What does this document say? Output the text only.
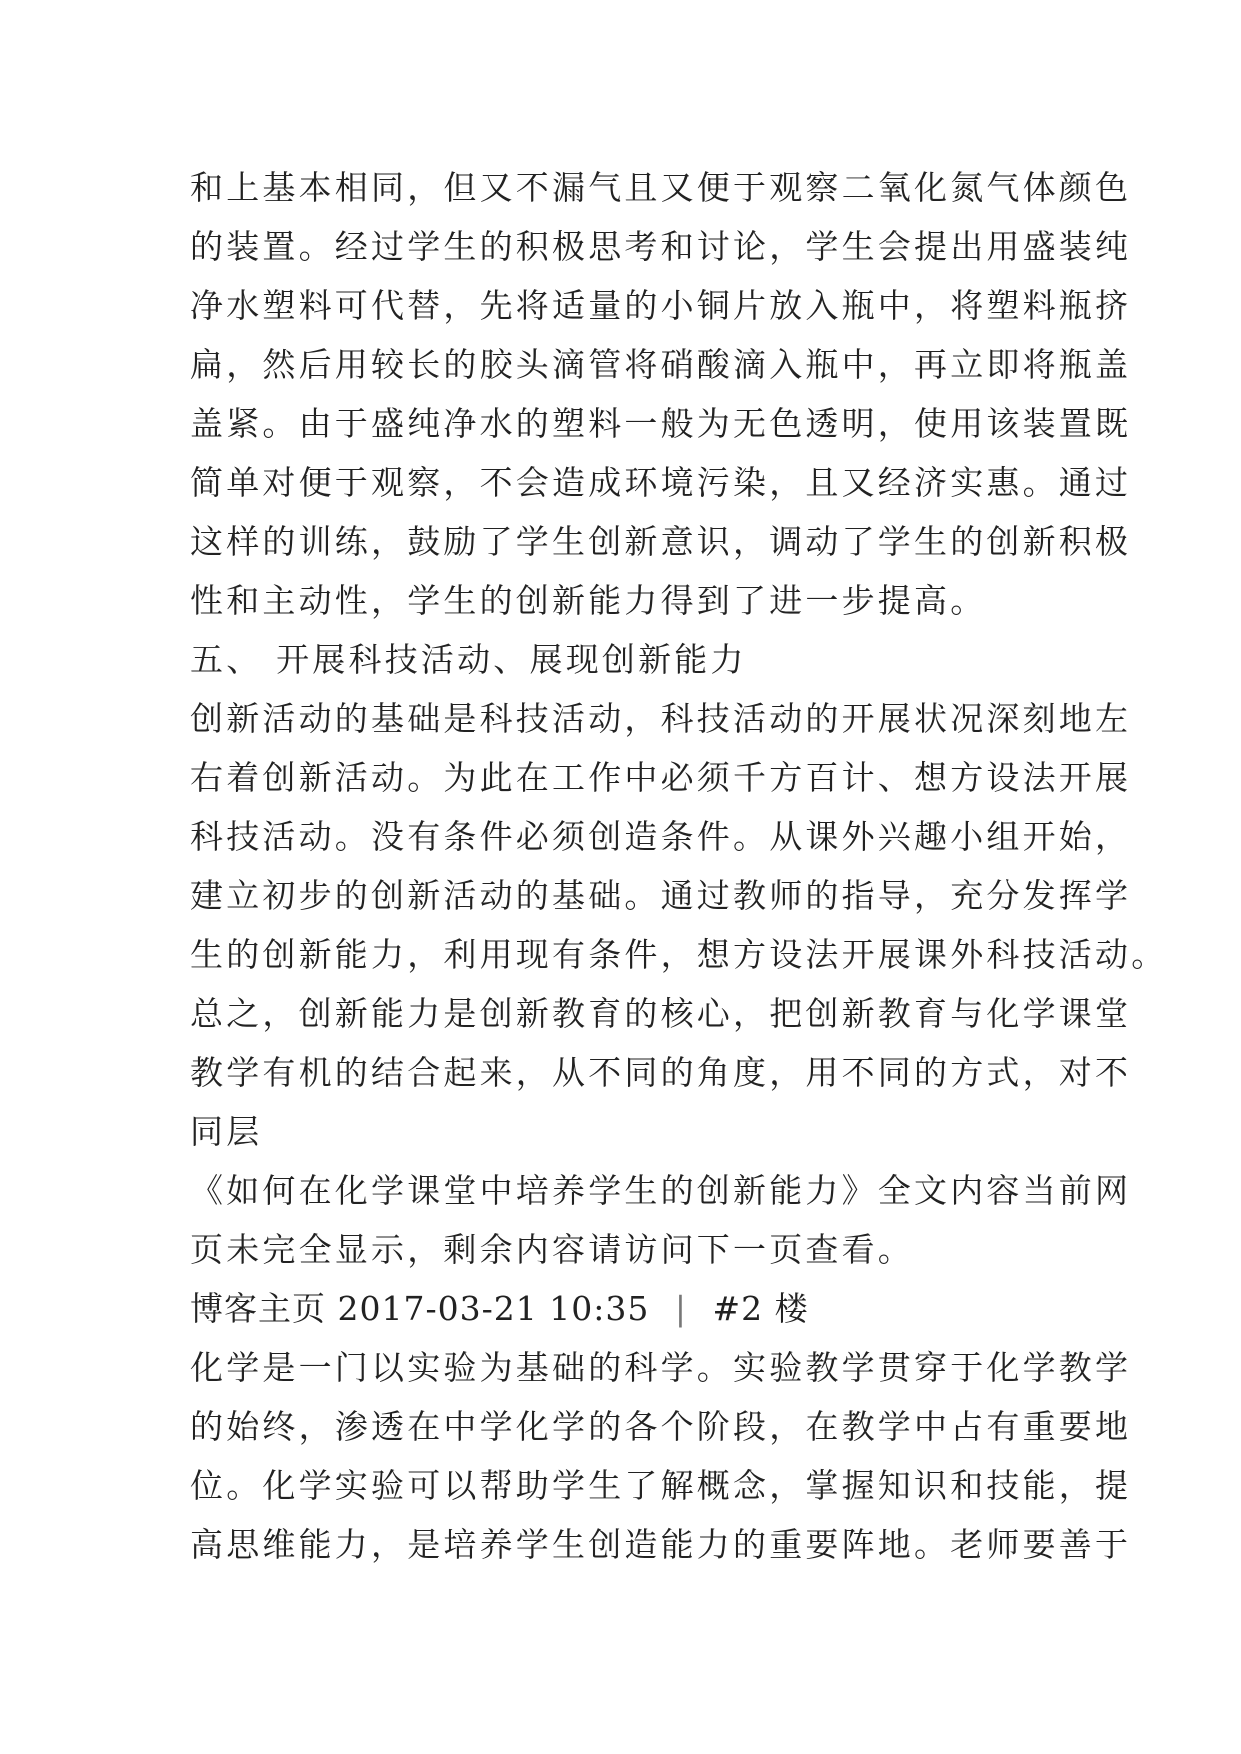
和上基本相同，但又不漏气且又便于观察二氧化氮气体颜色
的装置。经过学生的积极思考和讨论，学生会提出用盛装纯
净水塑料可代替，先将适量的小铜片放入瓶中，将塑料瓶挤
扁，然后用较长的胶头滴管将硝酸滴入瓶中，再立即将瓶盖
盖紧。由于盛纯净水的塑料一般为无色透明，使用该装置既
简单对便于观察，不会造成环境污染，且又经济实惠。通过
这样的训练，鼓励了学生创新意识，调动了学生的创新积极
性和主动性，学生的创新能力得到了进一步提高。
五、 开展科技活动、展现创新能力
创新活动的基础是科技活动，科技活动的开展状况深刻地左
右着创新活动。为此在工作中必须千方百计、想方设法开展
科技活动。没有条件必须创造条件。从课外兴趣小组开始，
建立初步的创新活动的基础。通过教师的指导，充分发挥学
生的创新能力，利用现有条件，想方设法开展课外科技活动。
总之，创新能力是创新教育的核心，把创新教育与化学课堂
教学有机的结合起来，从不同的角度，用不同的方式，对不
同层
《如何在化学课堂中培养学生的创新能力》全文内容当前网
页未完全显示，剩余内容请访问下一页查看。
博客主页 2017-03-21 10:35 | #2 楼
化学是一门以实验为基础的科学。实验教学贯穿于化学教学
的始终，渗透在中学化学的各个阶段，在教学中占有重要地
位。化学实验可以帮助学生了解概念，掌握知识和技能，提
高思维能力，是培养学生创造能力的重要阵地。老师要善于
